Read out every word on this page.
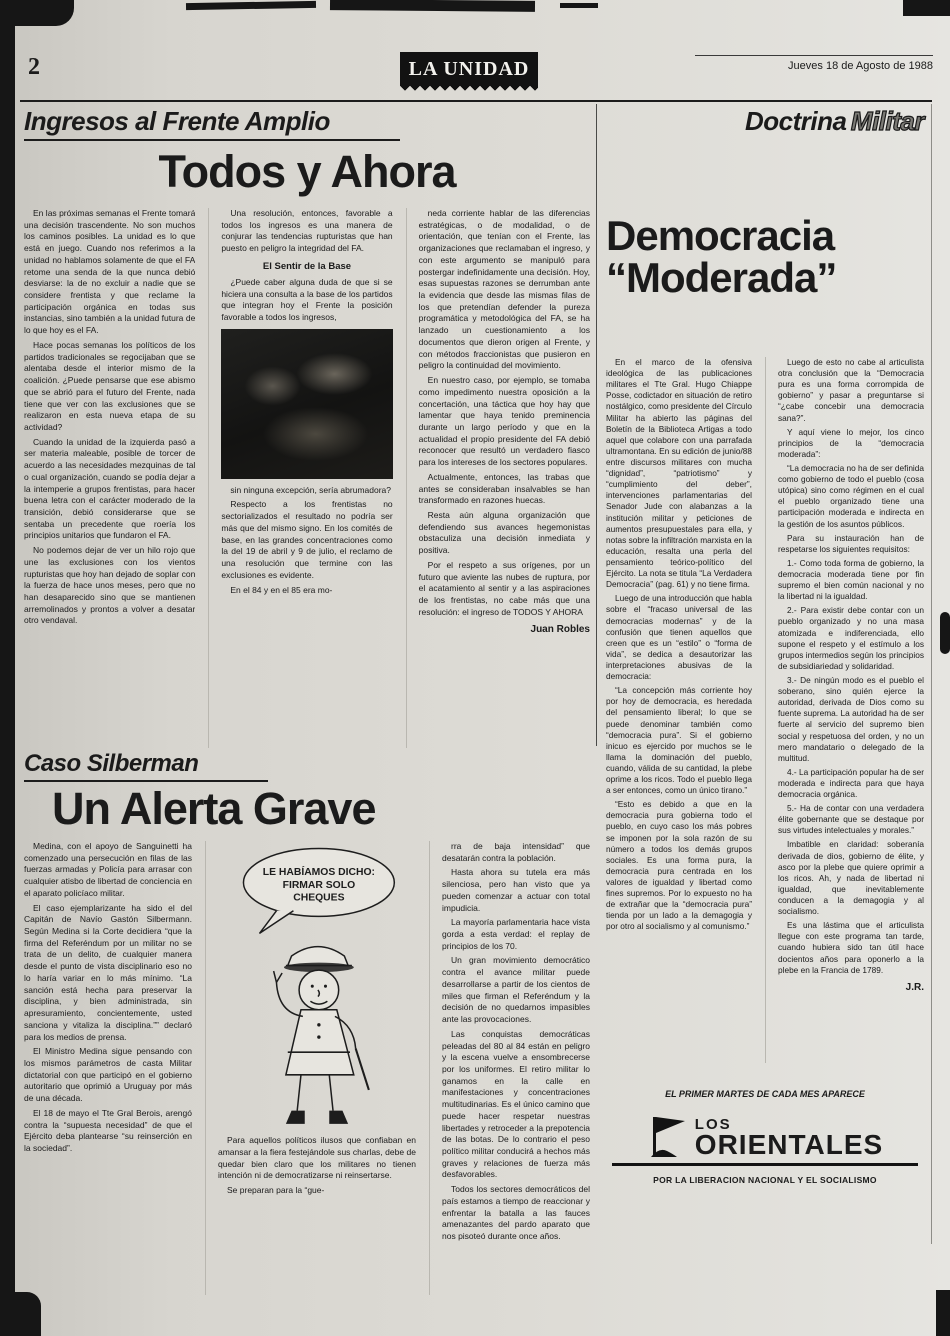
2	LA UNIDAD	Jueves 18 de Agosto de 1988
Ingresos al Frente Amplio
Todos y Ahora

En las próximas semanas el Frente tomará una decisión trascendente. No son muchos los caminos posibles. La unidad es lo que está en juego. Cuando nos referimos a la unidad no hablamos solamente de que el FA retome una senda de la que nunca debió desviarse: la de no excluir a nadie que se considere frentista y que reclame la participación orgánica en todas sus instancias, sino también a la unidad futura de lo que hoy es el FA.

Hace pocas semanas los políticos de los partidos tradicionales se regocijaban que se alentaba desde el interior mismo de la coalición. ¿Puede pensarse que ese abismo que se abrió para el futuro del Frente, nada tiene que ver con las exclusiones que se realizaron en esta nueva etapa de su actividad?

Cuando la unidad de la izquierda pasó a ser materia maleable, posible de torcer de acuerdo a las necesidades mezquinas de tal o cual organización, cuando se podía dejar a la intemperie a grupos frentistas, para hacer buena letra con el carácter moderado de la transición, debió considerarse que se sentaba un precedente que roería los principios unitarios que fundaron el FA.

No podemos dejar de ver un hilo rojo que une las exclusiones con los vientos rupturistas que hoy han dejado de soplar con la fuerza de hace unos meses, pero que no han desaparecido sino que se mantienen arremolinados y prontos a volver a desatar otro vendaval.

Una resolución, entonces, favorable a todos los ingresos es una manera de conjurar las tendencias rupturistas que han puesto en peligro la integridad del FA.

El Sentir de la Base

¿Puede caber alguna duda de que si se hiciera una consulta a la base de los partidos que integran hoy el Frente la posición favorable a todos los ingresos,

sin ninguna excepción, sería abrumadora?

Respecto a los frentistas no sectorializados el resultado no podría ser más que del mismo signo. En los comités de base, en las grandes concentraciones como la del 19 de abril y 9 de julio, el reclamo de una resolución que termine con las exclusiones es evidente.

En el 84 y en el 85 era mo-

neda corriente hablar de las diferencias estratégicas, o de modalidad, o de orientación, que tenían con el Frente, las organizaciones que reclamaban el ingreso, y con este argumento se manipuló para postergar indefinidamente una decisión. Hoy, esas supuestas razones se derrumban ante la evidencia que desde las mismas filas de los que pretendían defender la pureza programática y metodológica del FA, se ha lanzado un cuestionamiento a los documentos que dieron origen al Frente, y con métodos fraccionistas que pusieron en peligro la continuidad del movimiento.

En nuestro caso, por ejemplo, se tomaba como impedimento nuestra oposición a la concertación, una táctica que hoy hay que lamentar que haya tenido preminencia durante un largo período y que en la actualidad el propio presidente del FA debió reconocer que resultó un verdadero fiasco para los intereses de los sectores populares.

Actualmente, entonces, las trabas que antes se consideraban insalvables se han transformado en razones huecas.

Resta aún alguna organización que defendiendo sus avances hegemonistas obstaculiza una decisión inmediata y positiva.

Por el respeto a sus orígenes, por un futuro que aviente las nubes de ruptura, por el acatamiento al sentir y a las aspiraciones de los frentistas, no cabe más que una resolución: el ingreso de TODOS Y AHORA

Juan Robles
Doctrina Militar
Democracia
“Moderada”

En el marco de la ofensiva ideológica de las publicaciones militares el Tte Gral. Hugo Chiappe Posse, codictador en situación de retiro nostálgico, como presidente del Círculo Militar ha abierto las páginas del Boletín de la Biblioteca Artigas a todo aquel que colabore con una parrafada ultramontana. En su edición de junio/88 entre discursos militares con mucha “dignidad”, “patriotismo” y “cumplimiento del deber”, intervenciones parlamentarias del Senador Jude con alabanzas a la institución militar y peticiones de aumentos presupuestales para ella, y notas sobre la infiltración marxista en la educación, resalta una perla del pensamiento teórico-político del Ejército. La nota se titula “La Verdadera Democracia” (pag. 61) y no tiene firma.

Luego de una introducción que habla sobre el “fracaso universal de las democracias modernas” y de la confusión que tienen aquellos que creen que es un “estilo” o “forma de vida”, se dedica a desautorizar las interpretaciones abusivas de la democracia:

“La concepción más corriente hoy por hoy de democracia, es heredada del pensamiento liberal; lo que se puede denominar también como “democracia pura”. Si el gobierno inicuo es ejercido por muchos se le llama la dominación del pueblo, cuando, válida de su cantidad, la plebe oprime a los ricos. Todo el pueblo llega a ser entonces, como un único tirano.”

“Esto es debido a que en la democracia pura gobierna todo el pueblo, en cuyo caso los más pobres se imponen por la sola razón de su número a todos los demás grupos sociales. Es una forma pura, la democracia pura centrada en los valores de igualdad y libertad como fines supremos. Por lo expuesto no ha de extrañar que la “democracia pura” tienda por un lado a la demagogia y por otro al socialismo y al comunismo.”

Luego de esto no cabe al articulista otra conclusión que la “Democracia pura es una forma corrompida de gobierno” y pasar a preguntarse si “¿cabe concebir una democracia sana?”.

Y aquí viene lo mejor, los cinco principios de la “democracia moderada”:

“La democracia no ha de ser definida como gobierno de todo el pueblo (cosa utópica) sino como régimen en el cual el pueblo organizado tiene una participación moderada e indirecta en la gestión de los asuntos públicos.

Para su instauración han de respetarse los siguientes requisitos:

1.- Como toda forma de gobierno, la democracia moderada tiene por fin supremo el bien común nacional y no la libertad ni la igualdad.

2.- Para existir debe contar con un pueblo organizado y no una masa atomizada e indiferenciada, ello supone el respeto y el estímulo a los grupos intermedios según los principios de subsidiariedad y solidaridad.

3.- De ningún modo es el pueblo el soberano, sino quién ejerce la autoridad, derivada de Dios como su fuente suprema. La autoridad ha de ser fuerte al servicio del supremo bien social y respetuosa del orden, y no un mero mandatario o delegado de la multitud.

4.- La participación popular ha de ser moderada e indirecta para que haya democracia orgánica.

5.- Ha de contar con una verdadera élite gobernante que se destaque por sus virtudes intelectuales y morales.”

Imbatible en claridad: soberanía derivada de dios, gobierno de élite, y asco por la plebe que quiere oprimir a los ricos. Ah, y nada de libertad ni igualdad, que inevitablemente conducen a la demagogia y al socialismo.

Es una lástima que el articulista llegue con este programa tan tarde, cuando hubiera sido tan útil hace docientos años para oponerlo a la plebe en la Francia de 1789.

J.R.
EL PRIMER MARTES DE CADA MES APARECE
LOS
ORIENTALES
POR LA LIBERACION NACIONAL Y EL SOCIALISMO
Caso Silberman
Un Alerta Grave

Medina, con el apoyo de Sanguinetti ha comenzado una persecución en filas de las fuerzas armadas y Policía para arrasar con cualquier atisbo de libertad de conciencia en el aparato policíaco militar.

El caso ejemplarizante ha sido el del Capitán de Navío Gastón Silbermann. Según Medina si la Corte decidiera “que la firma del Referéndum por un militar no se trata de un delito, de cualquier manera desde el punto de vista disciplinario eso no lo haría variar en lo más mínimo. “La sanción está hecha para preservar la disciplina, y bien administrada, sin apresuramiento, concientemente, usted sanciona y vitaliza la disciplina.”” declaró para los medios de prensa.

El Ministro Medina sigue pensando con los mismos parámetros de casta Militar dictatorial con que participó en el gobierno autoritario que oprimió a Uruguay por más de una década.

El 18 de mayo el Tte Gral Berois, arengó contra la “supuesta necesidad” de que el Ejército deba plantearse “su reinserción en la sociedad”.

LE HABÍAMOS DICHO:
FIRMAR SOLO
CHEQUES

Para aquellos políticos ilusos que confiaban en amansar a la fiera festejándole sus charlas, debe de quedar bien claro que los militares no tienen intención ni de democratizarse ni reinsertarse.

Se preparan para la “gue-

rra de baja intensidad” que desatarán contra la población.

Hasta ahora su tutela era más silenciosa, pero han visto que ya pueden comenzar a actuar con total impudicia.

La mayoría parlamentaria hace vista gorda a esta verdad: el replay de principios de los 70.

Un gran movimiento democrático contra el avance militar puede desarrollarse a partir de los cientos de miles que firman el Referéndum y la decisión de no quedarnos impasibles ante las provocaciones.

Las conquistas democráticas peleadas del 80 al 84 están en peligro y la escena vuelve a ensombrecerse por los uniformes. El retiro militar lo ganamos en la calle en manifestaciones y concentraciones multitudinarias. Es el único camino que puede hacer respetar nuestras libertades y retroceder a la prepotencia de las botas. De lo contrario el peso político militar conducirá a hechos más graves y relaciones de fuerza más desfavorables.

Todos los sectores democráticos del país estamos a tiempo de reaccionar y enfrentar la batalla a las fauces amenazantes del pardo aparato que nos pisoteó durante once años.
